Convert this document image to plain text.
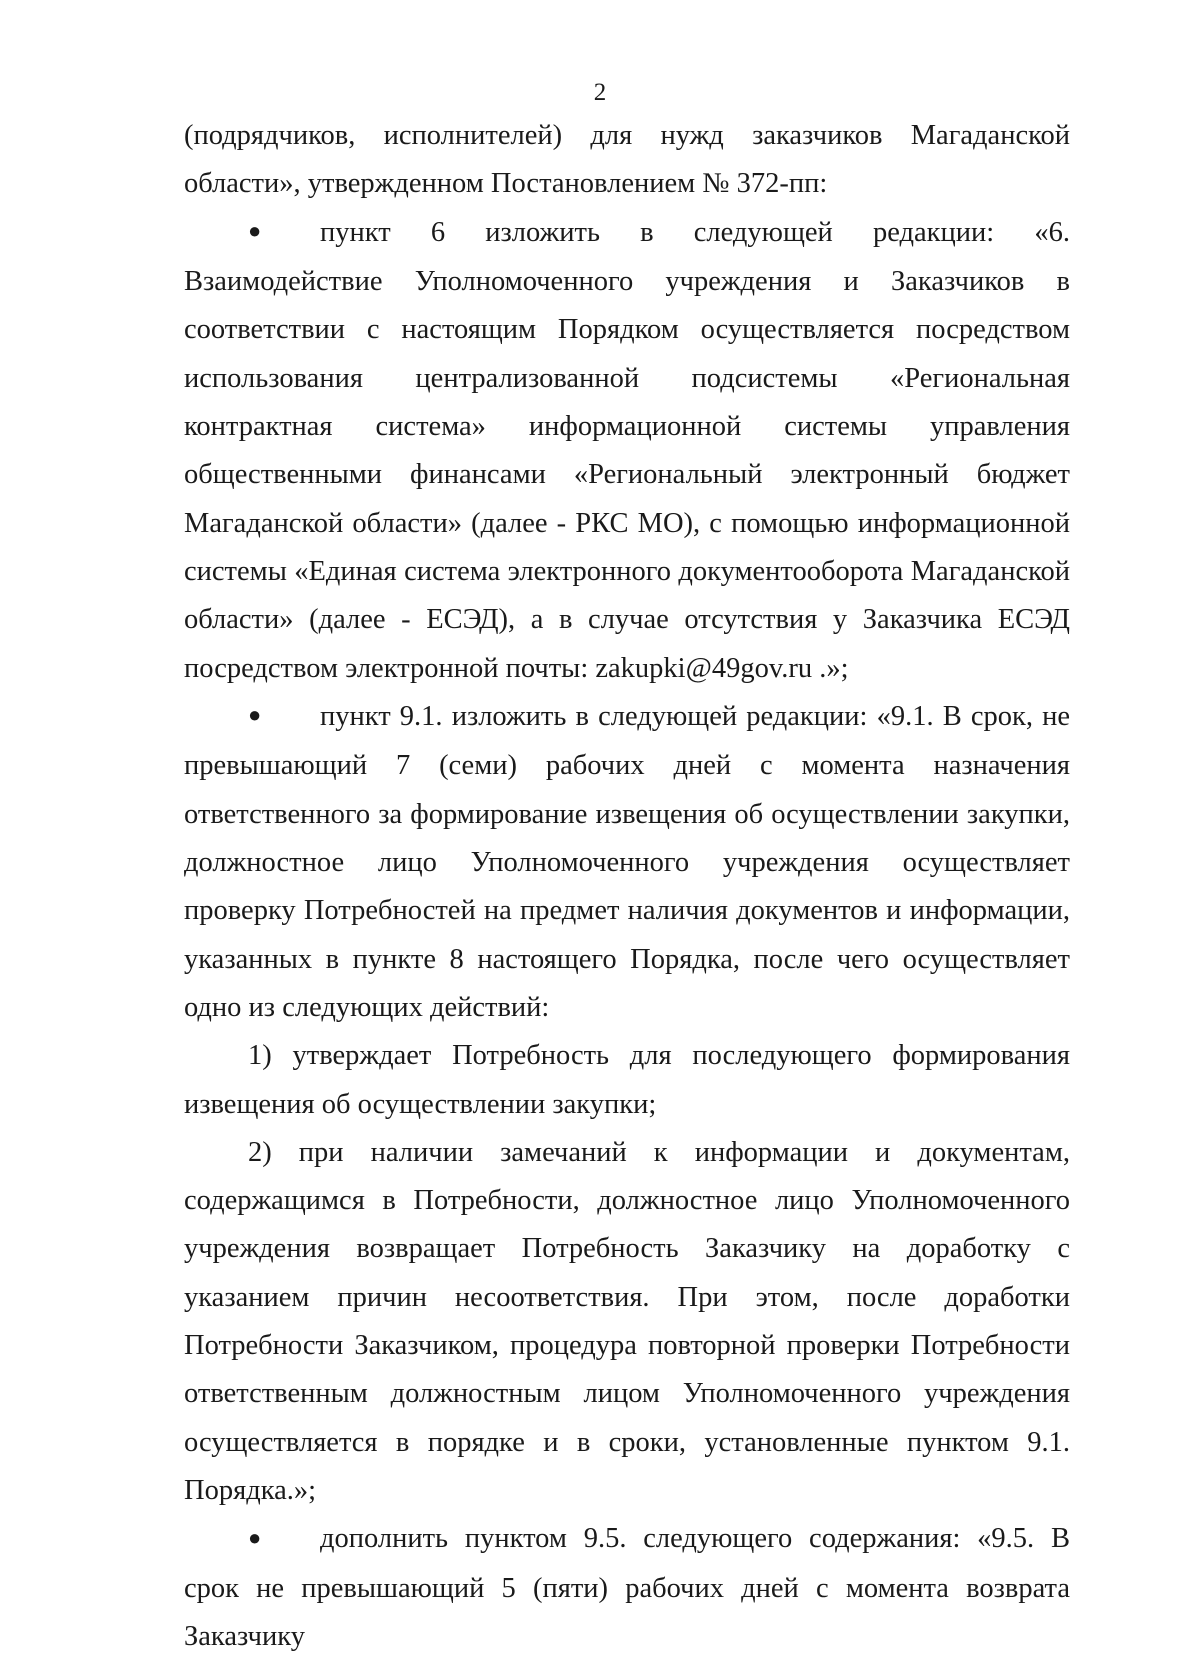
2

(подрядчиков, исполнителей) для нужд заказчиков Магаданской области», утвержденном Постановлением № 372-пп:

● пункт 6 изложить в следующей редакции: «6. Взаимодействие Уполномоченного учреждения и Заказчиков в соответствии с настоящим Порядком осуществляется посредством использования централизованной подсистемы «Региональная контрактная система» информационной системы управления общественными финансами «Региональный электронный бюджет Магаданской области» (далее - РКС МО), с помощью информационной системы «Единая система электронного документооборота Магаданской области» (далее - ЕСЭД), а в случае отсутствия у Заказчика ЕСЭД посредством электронной почты: zakupki@49gov.ru .»;

● пункт 9.1. изложить в следующей редакции: «9.1. В срок, не превышающий 7 (семи) рабочих дней с момента назначения ответственного за формирование извещения об осуществлении закупки, должностное лицо Уполномоченного учреждения осуществляет проверку Потребностей на предмет наличия документов и информации, указанных в пункте 8 настоящего Порядка, после чего осуществляет одно из следующих действий:

1) утверждает Потребность для последующего формирования извещения об осуществлении закупки;

2) при наличии замечаний к информации и документам, содержащимся в Потребности, должностное лицо Уполномоченного учреждения возвращает Потребность Заказчику на доработку с указанием причин несоответствия. При этом, после доработки Потребности Заказчиком, процедура повторной проверки Потребности ответственным должностным лицом Уполномоченного учреждения осуществляется в порядке и в сроки, установленные пунктом 9.1. Порядка.»;

● дополнить пунктом 9.5. следующего содержания: «9.5. В срок не превышающий 5 (пяти) рабочих дней с момента возврата Заказчику
